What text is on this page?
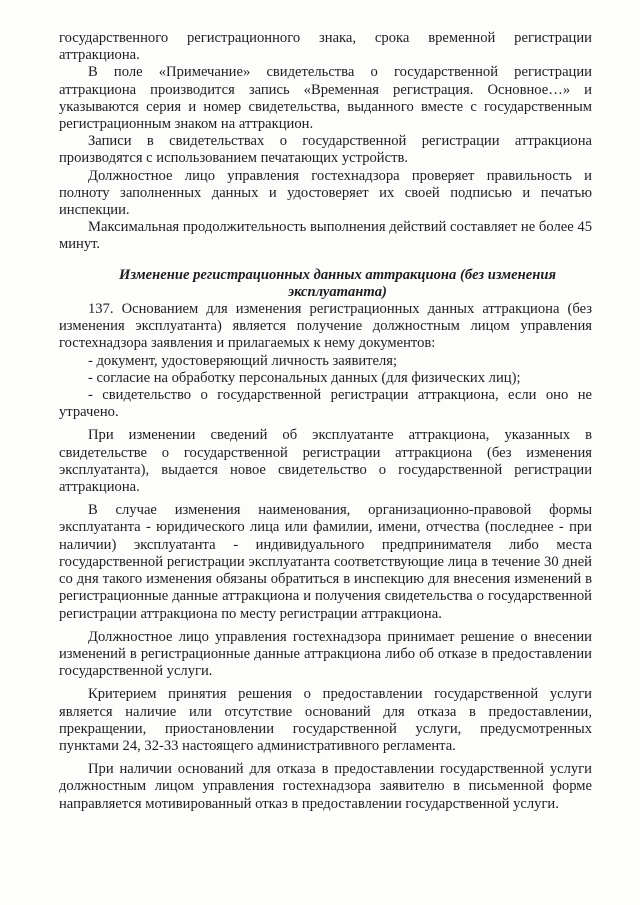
государственного регистрационного знака, срока временной регистрации аттракциона.

В поле «Примечание» свидетельства о государственной регистрации аттракциона производится запись «Временная регистрация. Основное…» и указываются серия и номер свидетельства, выданного вместе с государственным регистрационным знаком на аттракцион.

Записи в свидетельствах о государственной регистрации аттракциона производятся с использованием печатающих устройств.

Должностное лицо управления гостехнадзора проверяет правильность и полноту заполненных данных и удостоверяет их своей подписью и печатью инспекции.

Максимальная продолжительность выполнения действий составляет не более 45 минут.

Изменение регистрационных данных аттракциона (без изменения

эксплуатанта)

137. Основанием для изменения регистрационных данных аттракциона (без изменения эксплуатанта) является получение должностным лицом управления гостехнадзора заявления и прилагаемых к нему документов:

- документ, удостоверяющий личность заявителя;

- согласие на обработку персональных данных (для физических лиц);

- свидетельство о государственной регистрации аттракциона, если оно не утрачено.

При изменении сведений об эксплуатанте аттракциона, указанных в свидетельстве о государственной регистрации аттракциона (без изменения эксплуатанта), выдается новое свидетельство о государственной регистрации аттракциона.

В случае изменения наименования, организационно-правовой формы эксплуатанта - юридического лица или фамилии, имени, отчества (последнее - при наличии) эксплуатанта - индивидуального предпринимателя либо места государственной регистрации эксплуатанта соответствующие лица в течение 30 дней со дня такого изменения обязаны обратиться в инспекцию для внесения изменений в регистрационные данные аттракциона и получения свидетельства о государственной регистрации аттракциона по месту регистрации аттракциона.

Должностное лицо управления гостехнадзора принимает решение о внесении изменений в регистрационные данные аттракциона либо об отказе в предоставлении государственной услуги.

Критерием принятия решения о предоставлении государственной услуги является наличие или отсутствие оснований для отказа в предоставлении, прекращении, приостановлении государственной услуги, предусмотренных пунктами 24, 32-33 настоящего административного регламента.

При наличии оснований для отказа в предоставлении государственной услуги должностным лицом управления гостехнадзора заявителю в письменной форме направляется мотивированный отказ в предоставлении государственной услуги.
